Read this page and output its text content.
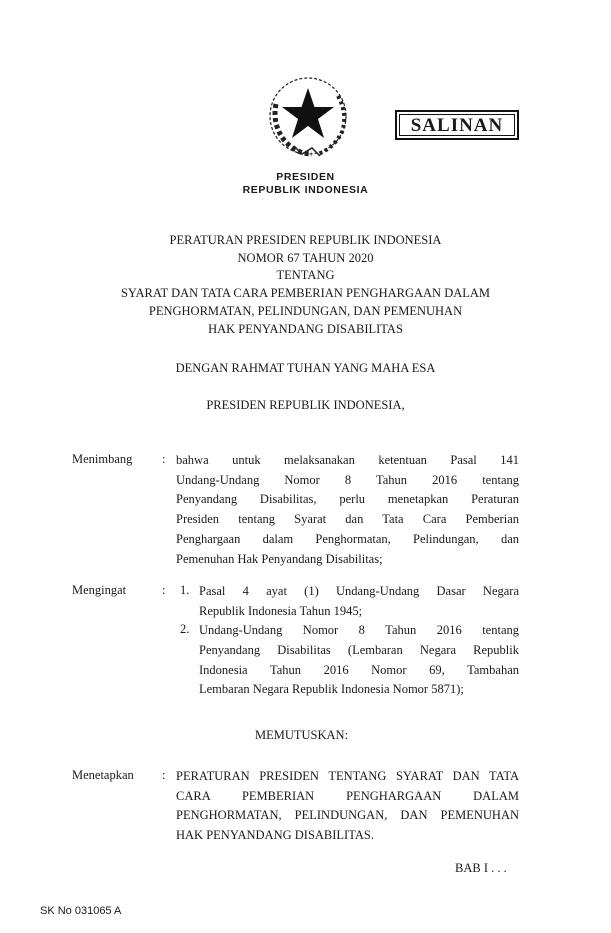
SALINAN
PRESIDEN
REPUBLIK INDONESIA
PERATURAN PRESIDEN REPUBLIK INDONESIA
NOMOR 67 TAHUN 2020
TENTANG
SYARAT DAN TATA CARA PEMBERIAN PENGHARGAAN DALAM
PENGHORMATAN, PELINDUNGAN, DAN PEMENUHAN
HAK PENYANDANG DISABILITAS
DENGAN RAHMAT TUHAN YANG MAHA ESA
PRESIDEN REPUBLIK INDONESIA,
Menimbang : bahwa untuk melaksanakan ketentuan Pasal 141
Undang-Undang Nomor 8 Tahun 2016 tentang
Penyandang Disabilitas, perlu menetapkan Peraturan
Presiden tentang Syarat dan Tata Cara Pemberian
Penghargaan dalam Penghormatan, Pelindungan, dan
Pemenuhan Hak Penyandang Disabilitas;
Mengingat	: 1. Pasal 4 ayat (1) Undang-Undang Dasar Negara
Republik Indonesia Tahun 1945;
2. Undang-Undang Nomor 8 Tahun 2016 tentang
Penyandang Disabilitas (Lembaran Negara Republik
Indonesia Tahun 2016 Nomor 69, Tambahan
Lembaran Negara Republik Indonesia Nomor 5871);
MEMUTUSKAN:
Menetapkan : PERATURAN PRESIDEN TENTANG SYARAT DAN TATA
CARA PEMBERIAN PENGHARGAAN DALAM
PENGHORMATAN, PELINDUNGAN, DAN PEMENUHAN
HAK PENYANDANG DISABILITAS.
BAB I . . .
SK No 031065 A
